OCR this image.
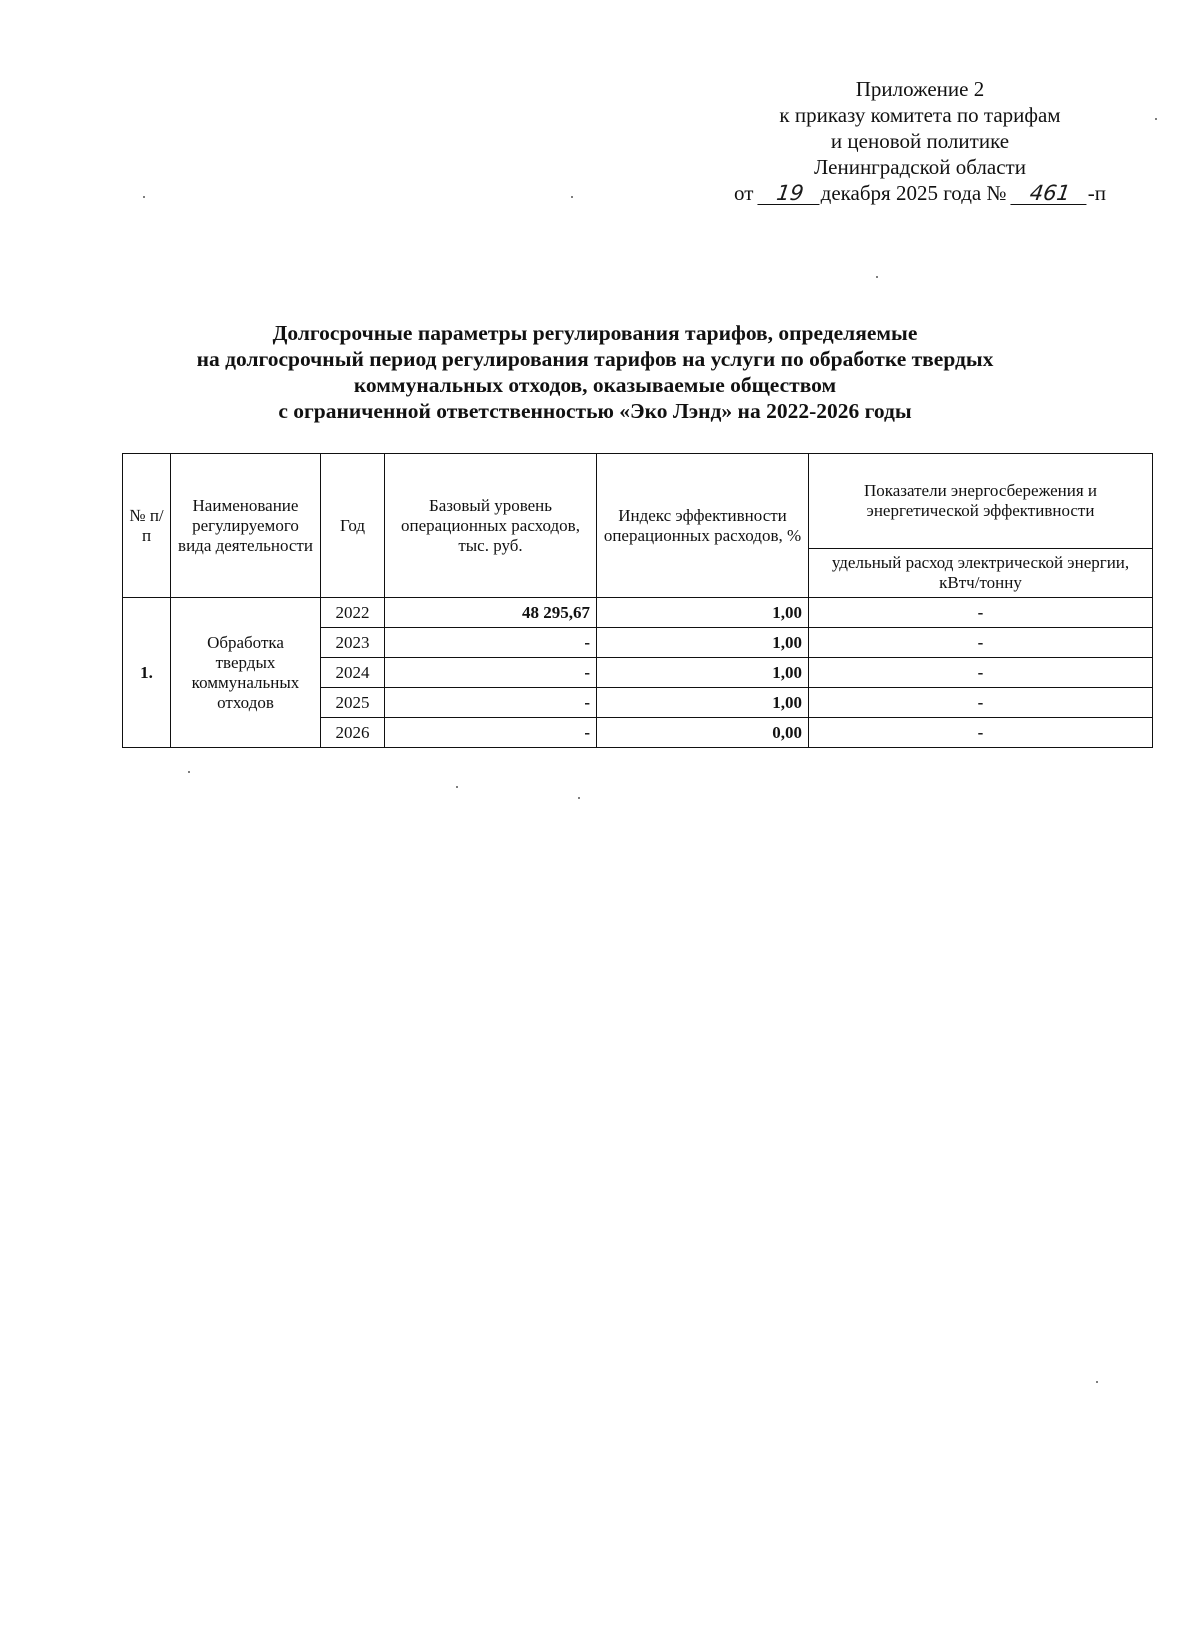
Приложение 2
к приказу комитета по тарифам
и ценовой политике
Ленинградской области
от 19 декабря 2025 года № 461 -п
Долгосрочные параметры регулирования тарифов, определяемые
на долгосрочный период регулирования тарифов на услуги по обработке твердых
коммунальных отходов, оказываемые обществом
с ограниченной ответственностью «Эко Лэнд» на 2022-2026 годы
№ п/п	Наименование регулируемого вида деятельности	Год	Базовый уровень операционных расходов, тыс. руб.	Индекс эффективности операционных расходов, %	Показатели энергосбережения и энергетической эффективности
					удельный расход электрической энергии, кВтч/тонну
1.	Обработка твердых коммунальных отходов	2022	48 295,67	1,00	-
		2023	-	1,00	-
		2024	-	1,00	-
		2025	-	1,00	-
		2026	-	0,00	-
